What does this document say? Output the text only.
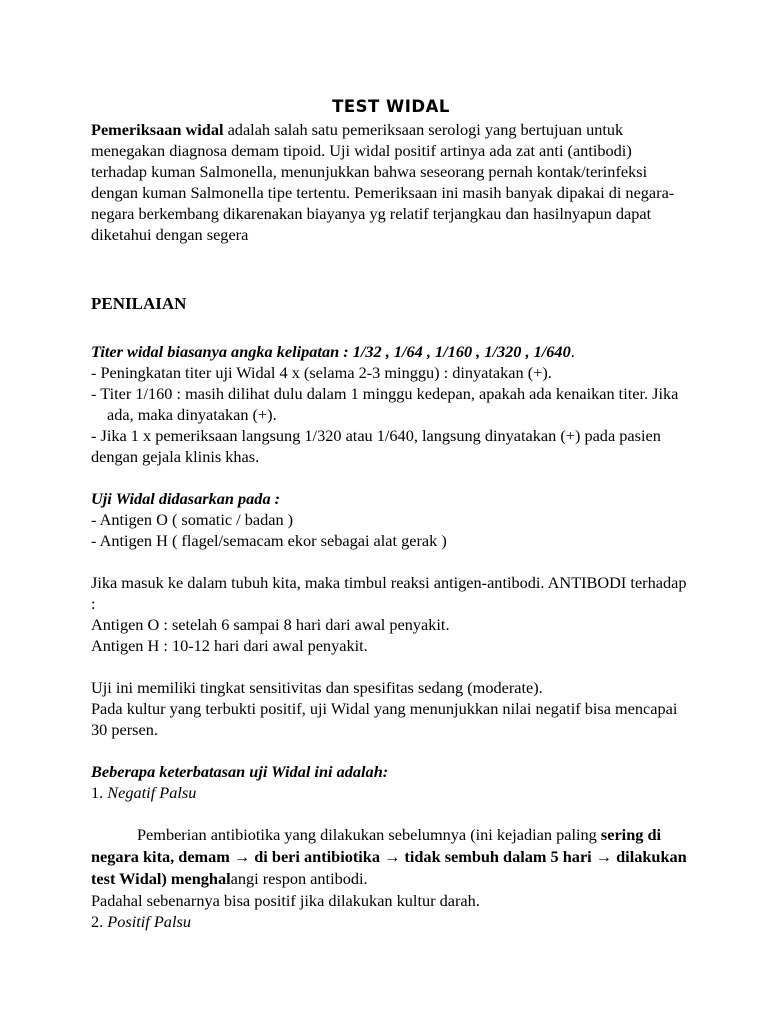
TEST WIDAL

Pemeriksaan widal adalah salah satu pemeriksaan serologi yang bertujuan untuk menegakan diagnosa demam tipoid. Uji widal positif artinya ada zat anti (antibodi) terhadap kuman Salmonella, menunjukkan bahwa seseorang pernah kontak/terinfeksi dengan kuman Salmonella tipe tertentu. Pemeriksaan ini masih banyak dipakai di negara-negara berkembang dikarenakan biayanya yg relatif terjangkau dan hasilnyapun dapat diketahui dengan segera

PENILAIAN

Titer widal biasanya angka kelipatan : 1/32 , 1/64 , 1/160 , 1/320 , 1/640.

- Peningkatan titer uji Widal 4 x (selama 2-3 minggu) : dinyatakan (+).

- Titer 1/160 : masih dilihat dulu dalam 1 minggu kedepan, apakah ada kenaikan titer. Jika

ada, maka dinyatakan (+).

- Jika 1 x pemeriksaan langsung 1/320 atau 1/640, langsung dinyatakan (+) pada pasien dengan gejala klinis khas.

Uji Widal didasarkan pada :

- Antigen O ( somatic / badan )

- Antigen H ( flagel/semacam ekor sebagai alat gerak )

Jika masuk ke dalam tubuh kita, maka timbul reaksi antigen-antibodi. ANTIBODI terhadap :

Antigen O : setelah 6 sampai 8 hari dari awal penyakit.

Antigen H : 10-12 hari dari awal penyakit.

Uji ini memiliki tingkat sensitivitas dan spesifitas sedang (moderate).

Pada kultur yang terbukti positif, uji Widal yang menunjukkan nilai negatif bisa mencapai 30 persen.

Beberapa keterbatasan uji Widal ini adalah:

1. Negatif Palsu

Pemberian antibiotika yang dilakukan sebelumnya (ini kejadian paling sering di negara kita, demam → di beri antibiotika → tidak sembuh dalam 5 hari → dilakukan test Widal) menghalangi respon antibodi.

Padahal sebenarnya bisa positif jika dilakukan kultur darah.

2. Positif Palsu
